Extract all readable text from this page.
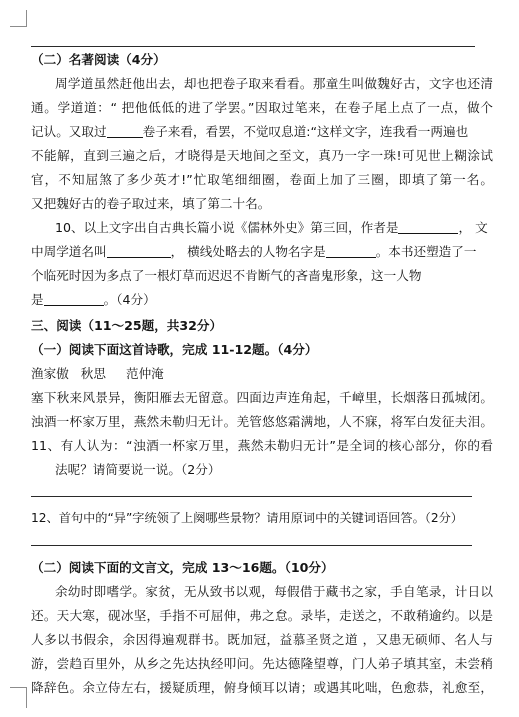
（二）名著阅读（4分）
周学道虽然赶他出去，却也把卷子取来看看。那童生叫做魏好古，文字也还清
通。学道道：“ 把他低低的进了学罢。”因取过笔来，在卷子尾上点了一点，做个
记认。又取过	卷子来看，看罢，不觉叹息道:“这样文字，连我看一两遍也
不能解，直到三遍之后，才晓得是天地间之至文，真乃一字一珠!可见世上糊涂试
官，不知屈煞了多少英才!”忙取笔细细圈，卷面上加了三圈，即填了第一名。
又把魏好古的卷子取过来，填了第二十名。
10、以上文字出自古典长篇小说《儒林外史》第三回，作者是	， 文
中周学道名叫	， 横线处略去的人物名字是	。本书还塑造了一
个临死时因为多点了一根灯草而迟迟不肯断气的吝啬鬼形象，这一人物
是	。（4分）
三、阅读（11～25题，共32分）
（一）阅读下面这首诗歌，完成 11-12题。（4分）
渔家傲   秋思     范仲淹
塞下秋来风景异，衡阳雁去无留意。四面边声连角起，千嶂里，长烟落日孤城闭。
浊酒一杯家万里，燕然未勒归无计。羌管悠悠霜满地，人不寐，将军白发征夫泪。
11、有人认为：“浊酒一杯家万里，燕然未勒归无计”是全词的核心部分，你的看
法呢？请简要说一说。（2分）
12、首句中的“异”字统领了上阕哪些景物？请用原词中的关键词语回答。（2分）
（二）阅读下面的文言文，完成 13～16题。（10分）
余幼时即嗜学。家贫，无从致书以观，每假借于藏书之家，手自笔录，计日以
还。天大寒，砚冰坚，手指不可屈伸，弗之怠。录毕，走送之，不敢稍逾约。以是
人多以书假余，余因得遍观群书。既加冠，益慕圣贤之道 ，又患无硕师、名人与
游，尝趋百里外，从乡之先达执经叩问。先达德隆望尊，门人弟子填其室，未尝稍
降辞色。余立侍左右，援疑质理，俯身倾耳以请；或遇其叱咄，色愈恭，礼愈至，
